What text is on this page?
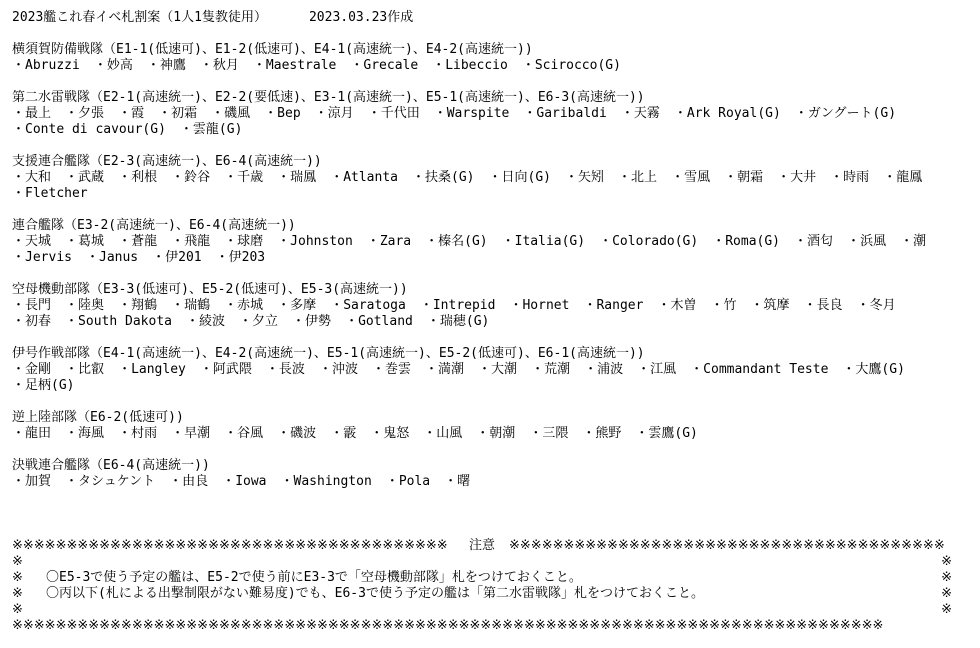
2023艦これ春イベ札割案（1人1隻教徒用）	2023.03.23作成
横須賀防備戦隊（E1-1(低速可)、E1-2(低速可)、E4-1(高速統一)、E4-2(高速統一))
・ Abruzzi ・ 妙高 ・ 神鷹 ・ 秋月 ・ Maestrale ・ Grecale ・ Libeccio ・ Scirocco(G)
第二水雷戦隊（E2-1(高速統一)、E2-2(要低速)、E3-1(高速統一)、E5-1(高速統一)、E6-3(高速統一))
・ 最上 ・ 夕張 ・ 霞 ・ 初霜 ・ 磯風 ・ Bep ・ 涼月 ・ 千代田 ・ Warspite ・ Garibaldi ・ 天霧 ・ Ark Royal(G) ・ ガングート(G)・ Conte di cavour(G) ・ 雲龍(G)
支援連合艦隊（E2-3(高速統一)、E6-4(高速統一))
・ 大和 ・ 武蔵 ・ 利根 ・ 鈴谷 ・ 千歳 ・ 瑞鳳 ・ Atlanta ・ 扶桑(G) ・ 日向(G) ・ 矢矧 ・ 北上 ・ 雪風 ・ 朝霜 ・ 大井 ・ 時雨 ・ 龍鳳・ Fletcher
連合艦隊（E3-2(高速統一)、E6-4(高速統一))
・ 天城 ・ 葛城 ・ 蒼龍 ・ 飛龍 ・ 球磨 ・ Johnston ・ Zara ・ 榛名(G) ・ Italia(G) ・ Colorado(G) ・ Roma(G) ・ 酒匂 ・ 浜風 ・ 潮・ Jervis ・ Janus ・ 伊201 ・ 伊203
空母機動部隊（E3-3(低速可)、E5-2(低速可)、E5-3(高速統一))
・ 長門 ・ 陸奥 ・ 翔鶴 ・ 瑞鶴 ・ 赤城 ・ 多摩 ・ Saratoga ・ Intrepid ・ Hornet ・ Ranger ・ 木曽 ・ 竹 ・ 筑摩 ・ 長良 ・ 冬月・ 初春 ・ South Dakota ・ 綾波 ・ 夕立 ・ 伊勢 ・ Gotland ・ 瑞穂(G)
伊号作戦部隊（E4-1(高速統一)、E4-2(高速統一)、E5-1(高速統一)、E5-2(低速可)、E6-1(高速統一))
・ 金剛 ・ 比叡 ・ Langley ・ 阿武隈 ・ 長波 ・ 沖波 ・ 巻雲 ・ 満潮 ・ 大潮 ・ 荒潮 ・ 浦波 ・ 江風 ・ Commandant Teste ・ 大鷹(G)・ 足柄(G)
逆上陸部隊（E6-2(低速可))
・ 龍田 ・ 海風 ・ 村雨 ・ 早潮 ・ 谷風 ・ 磯波 ・ 霰 ・ 鬼怒 ・ 山風 ・ 朝潮 ・ 三隈 ・ 熊野 ・ 雲鷹(G)
決戦連合艦隊（E6-4(高速統一))
・ 加賀 ・ タシュケント ・ 由良 ・ Iowa ・ Washington ・ Pola ・ 曙
※※※※※※※※※※※※※※※※※※※※※※※※※※※※※※※※※※※※※※※※	注意	※※※※※※※※※※※※※※※※※※※※※※※※※※※※※※※※※※※※※※※※
※	※
※	〇E5-3で使う予定の艦は、E5-2で使う前にE3-3で「空母機動部隊」札をつけておくこと。	※
※	〇丙以下(札による出撃制限がない難易度)でも、E6-3で使う予定の艦は「第二水雷戦隊」札をつけておくこと。	※
※	※
※※※※※※※※※※※※※※※※※※※※※※※※※※※※※※※※※※※※※※※※※※※※※※※※※※※※※※※※※※※※※※※※※※※※※※※※※※※※※※※※
